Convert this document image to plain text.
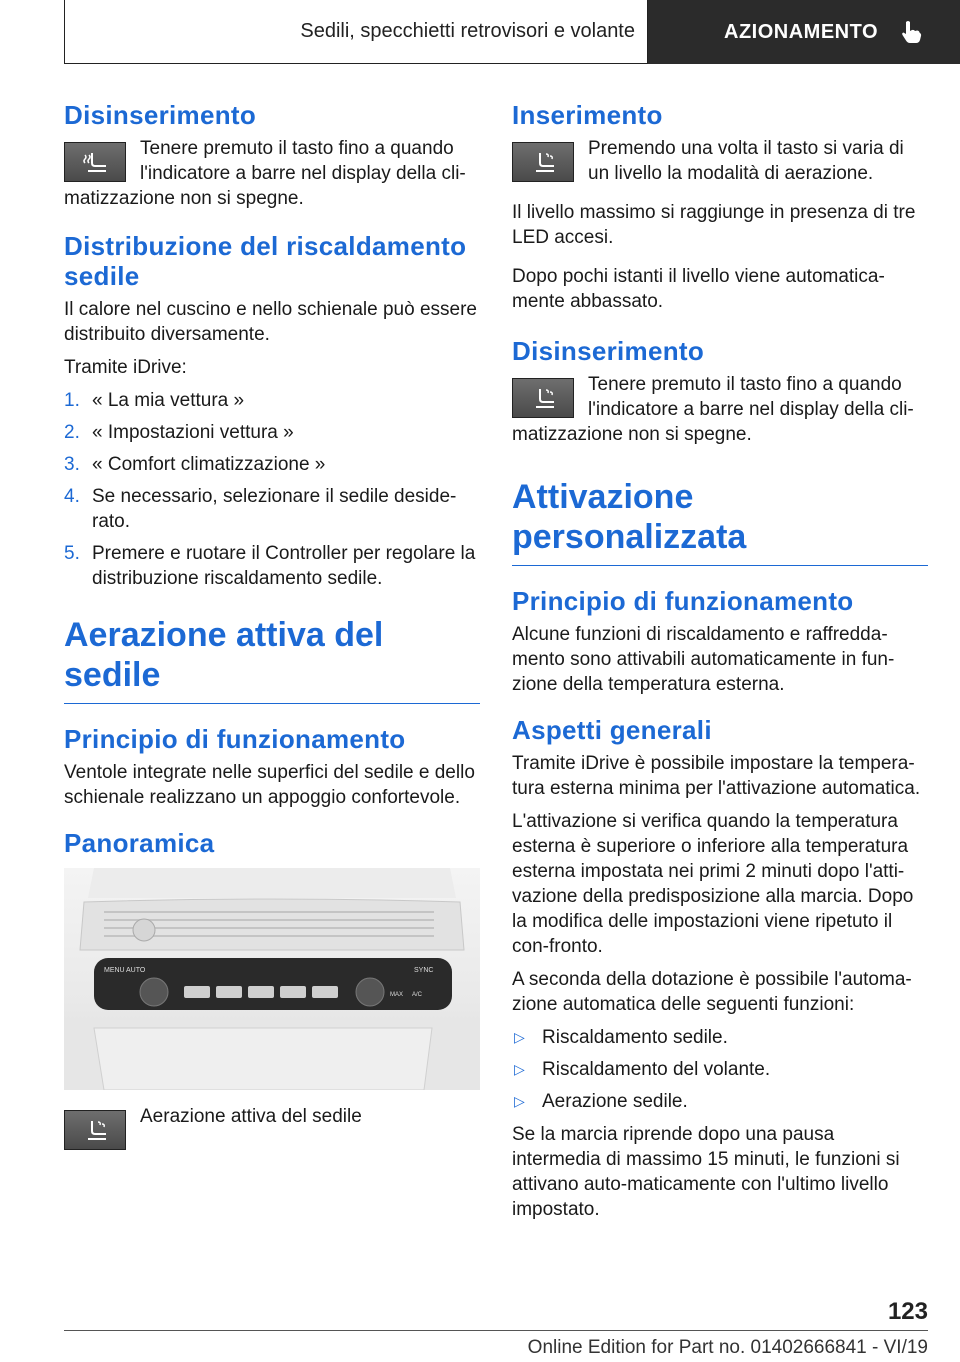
Sedili, specchietti retrovisori e volante	AZIONAMENTO
Disinserimento

Tenere premuto il tasto fino a quando l'indicatore a barre nel display della cli-

matizzazione non si spegne.

Distribuzione del riscaldamento sedile

Il calore nel cuscino e nello schienale può essere distribuito diversamente.

Tramite iDrive:

1. « La mia vettura »
2. « Impostazioni vettura »
3. « Comfort climatizzazione »
4. Se necessario, selezionare il sedile deside-rato.
5. Premere e ruotare il Controller per regolare la distribuzione riscaldamento sedile.
Aerazione attiva del sedile
Principio di funzionamento

Ventole integrate nelle superfici del sedile e dello schienale realizzano un appoggio confortevole.

Panoramica
MENU AUTO	SYNC
MAX A/C

Aerazione attiva del sedile

Inserimento

Premendo una volta il tasto si varia di un livello la modalità di aerazione.

Il livello massimo si raggiunge in presenza di tre LED accesi.

Dopo pochi istanti il livello viene automatica-mente abbassato.

Disinserimento

Tenere premuto il tasto fino a quando l'indicatore a barre nel display della cli-

matizzazione non si spegne.

Attivazione personalizzata
Principio di funzionamento

Alcune funzioni di riscaldamento e raffredda-mento sono attivabili automaticamente in fun-zione della temperatura esterna.

Aspetti generali

Tramite iDrive è possibile impostare la tempera-tura esterna minima per l'attivazione automatica.

L'attivazione si verifica quando la temperatura esterna è superiore o inferiore alla temperatura esterna impostata nei primi 2 minuti dopo l'atti-vazione della predisposizione alla marcia. Dopo la modifica delle impostazioni viene ripetuto il con-fronto.

A seconda della dotazione è possibile l'automa-zione automatica delle seguenti funzioni:

▷ Riscaldamento sedile.
▷ Riscaldamento del volante.
▷ Aerazione sedile.

Se la marcia riprende dopo una pausa intermedia di massimo 15 minuti, le funzioni si attivano auto-maticamente con l'ultimo livello impostato.

123
Online Edition for Part no. 01402666841 - VI/19
